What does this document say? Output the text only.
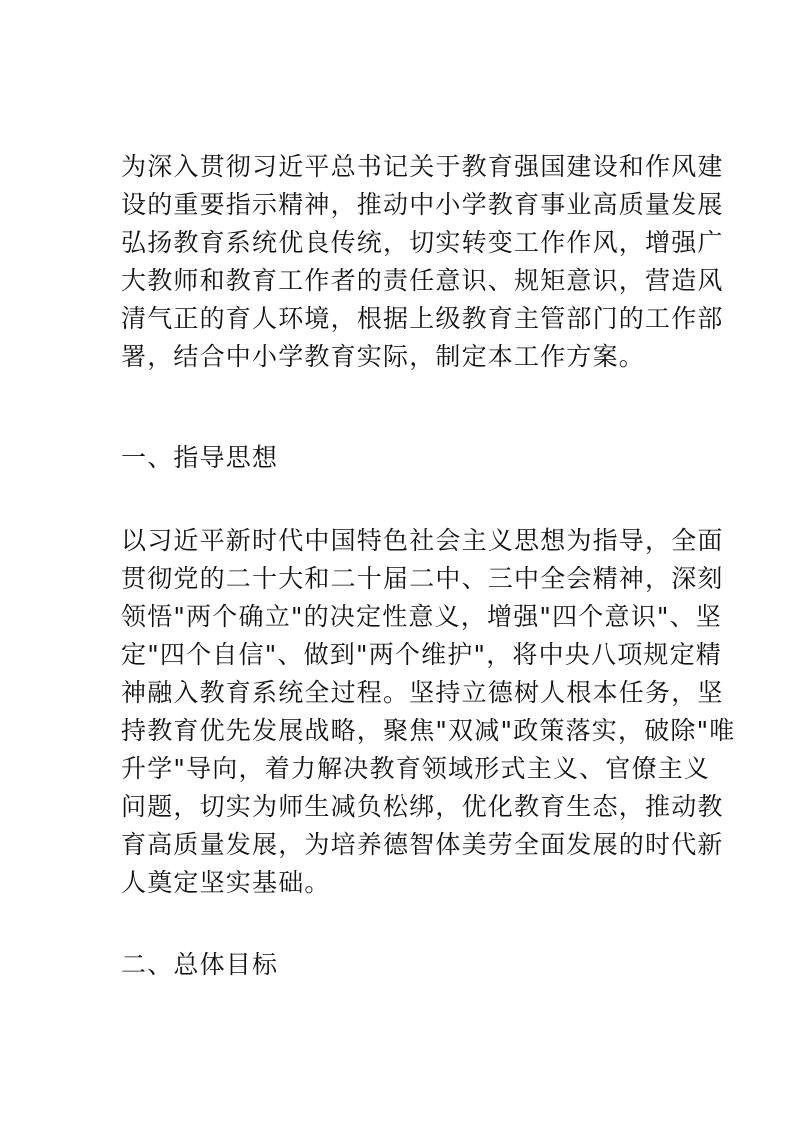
为深入贯彻习近平总书记关于教育强国建设和作风建
设的重要指示精神，推动中小学教育事业高质量发展
弘扬教育系统优良传统，切实转变工作作风，增强广
大教师和教育工作者的责任意识、规矩意识，营造风
清气正的育人环境，根据上级教育主管部门的工作部
署，结合中小学教育实际，制定本工作方案。

一、指导思想

以习近平新时代中国特色社会主义思想为指导，全面
贯彻党的二十大和二十届二中、三中全会精神，深刻
领悟"两个确立"的决定性意义，增强"四个意识"、坚
定"四个自信"、做到"两个维护"，将中央八项规定精
神融入教育系统全过程。坚持立德树人根本任务，坚
持教育优先发展战略，聚焦"双减"政策落实，破除"唯
升学"导向，着力解决教育领域形式主义、官僚主义
问题，切实为师生减负松绑，优化教育生态，推动教
育高质量发展，为培养德智体美劳全面发展的时代新
人奠定坚实基础。

二、总体目标
